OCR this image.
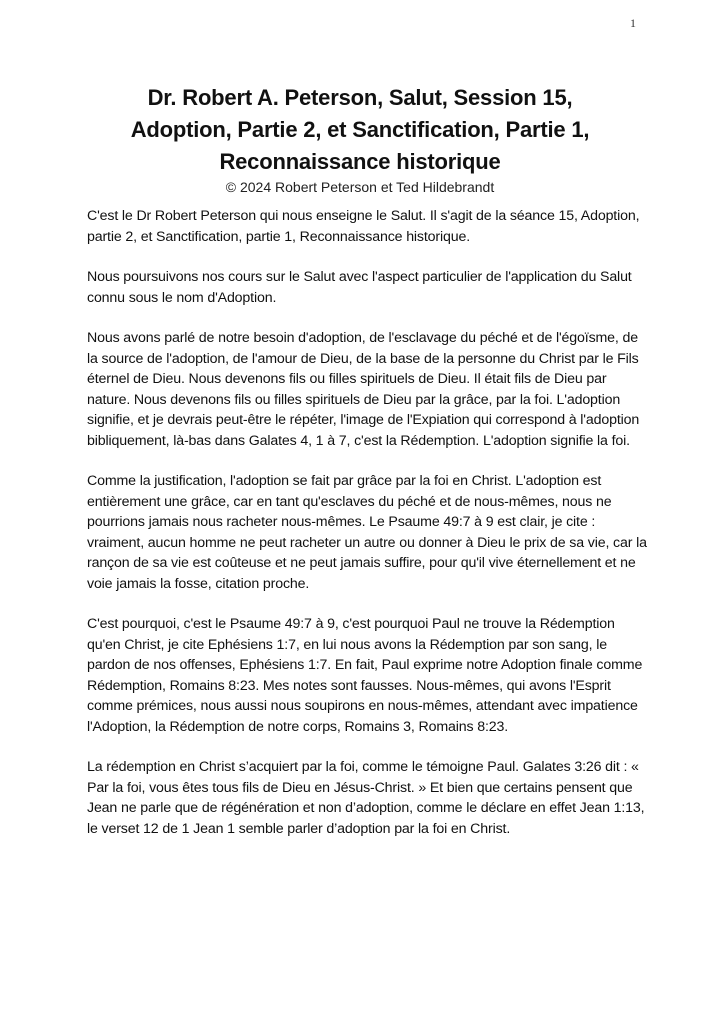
1
Dr. Robert A. Peterson, Salut, Session 15,
Adoption, Partie 2, et Sanctification, Partie 1,
Reconnaissance historique

© 2024 Robert Peterson et Ted Hildebrandt

C'est le Dr Robert Peterson qui nous enseigne le Salut. Il s'agit de la séance 15, Adoption, partie 2, et Sanctification, partie 1, Reconnaissance historique.

Nous poursuivons nos cours sur le Salut avec l'aspect particulier de l'application du Salut connu sous le nom d'Adoption.

Nous avons parlé de notre besoin d'adoption, de l'esclavage du péché et de l'égoïsme, de la source de l'adoption, de l'amour de Dieu, de la base de la personne du Christ par le Fils éternel de Dieu. Nous devenons fils ou filles spirituels de Dieu. Il était fils de Dieu par nature. Nous devenons fils ou filles spirituels de Dieu par la grâce, par la foi. L'adoption signifie, et je devrais peut-être le répéter, l'image de l'Expiation qui correspond à l'adoption bibliquement, là-bas dans Galates 4, 1 à 7, c'est la Rédemption. L'adoption signifie la foi.

Comme la justification, l'adoption se fait par grâce par la foi en Christ. L'adoption est entièrement une grâce, car en tant qu'esclaves du péché et de nous-mêmes, nous ne pourrions jamais nous racheter nous-mêmes. Le Psaume 49:7 à 9 est clair, je cite : vraiment, aucun homme ne peut racheter un autre ou donner à Dieu le prix de sa vie, car la rançon de sa vie est coûteuse et ne peut jamais suffire, pour qu'il vive éternellement et ne voie jamais la fosse, citation proche.

C'est pourquoi, c'est le Psaume 49:7 à 9, c'est pourquoi Paul ne trouve la Rédemption qu'en Christ, je cite Ephésiens 1:7, en lui nous avons la Rédemption par son sang, le pardon de nos offenses, Ephésiens 1:7. En fait, Paul exprime notre Adoption finale comme Rédemption, Romains 8:23. Mes notes sont fausses. Nous-mêmes, qui avons l'Esprit comme prémices, nous aussi nous soupirons en nous-mêmes, attendant avec impatience l'Adoption, la Rédemption de notre corps, Romains 3, Romains 8:23.

La rédemption en Christ s’acquiert par la foi, comme le témoigne Paul. Galates 3:26 dit : « Par la foi, vous êtes tous fils de Dieu en Jésus-Christ. » Et bien que certains pensent que Jean ne parle que de régénération et non d’adoption, comme le déclare en effet Jean 1:13, le verset 12 de 1 Jean 1 semble parler d’adoption par la foi en Christ.
